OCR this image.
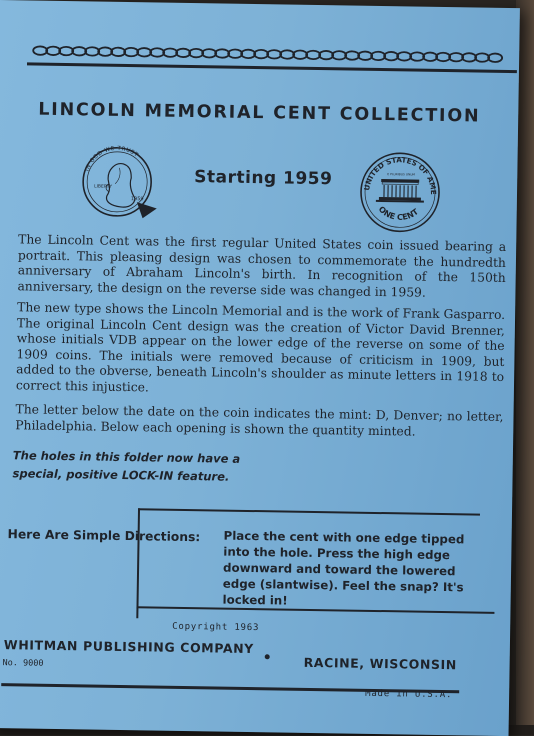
LINCOLN MEMORIAL CENT COLLECTION
IN GOD WE TRUST
LIBERTY
1959
Starting 1959	UNITED STATES OF AMERICA
E PLURIBUS UNUM
ONE CENT

The Lincoln Cent was the first regular United States coin issued bearing a portrait. This pleasing design was chosen to commemorate the hundredth anniversary of Abraham Lincoln's birth. In recognition of the 150th anniversary, the design on the reverse side was changed in 1959.

The new type shows the Lincoln Memorial and is the work of Frank Gasparro. The original Lincoln Cent design was the creation of Victor David Brenner, whose initials VDB appear on the lower edge of the reverse on some of the 1909 coins. The initials were removed because of criticism in 1909, but added to the obverse, beneath Lincoln's shoulder as minute letters in 1918 to correct this injustice.

The letter below the date on the coin indicates the mint: D, Denver; no letter, Philadelphia. Below each opening is shown the quantity minted.

The holes in this folder now have a
special, positive LOCK-IN feature.
Here Are Simple Directions: Place the cent with one edge tipped into the hole. Press the high edge downward and toward the lowered edge (slantwise). Feel the snap? It's locked in!
Copyright 1963
WHITMAN PUBLISHING COMPANY
RACINE, WISCONSIN
No. 9000
Made in U.S.A.
